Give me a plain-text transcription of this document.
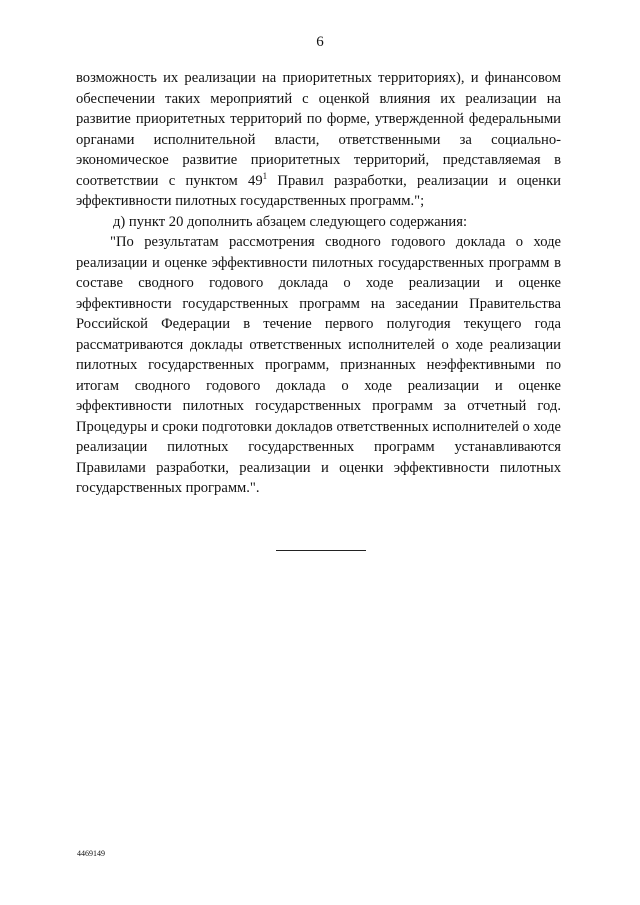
6

возможность их реализации на приоритетных территориях), и финансовом обеспечении таких мероприятий с оценкой влияния их реализации на развитие приоритетных территорий по форме, утвержденной федеральными органами исполнительной власти, ответственными за социально-экономическое развитие приоритетных территорий, представляемая в соответствии с пунктом $49^1$ Правил разработки, реализации и оценки эффективности пилотных государственных программ.";

д) пункт 20 дополнить абзацем следующего содержания:

"По результатам рассмотрения сводного годового доклада о ходе реализации и оценке эффективности пилотных государственных программ в составе сводного годового доклада о ходе реализации и оценке эффективности государственных программ на заседании Правительства Российской Федерации в течение первого полугодия текущего года рассматриваются доклады ответственных исполнителей о ходе реализации пилотных государственных программ, признанных неэффективными по итогам сводного годового доклада о ходе реализации и оценке эффективности пилотных государственных программ за отчетный год. Процедуры и сроки подготовки докладов ответственных исполнителей о ходе реализации пилотных государственных программ устанавливаются Правилами разработки, реализации и оценки эффективности пилотных государственных программ.".

4469149
